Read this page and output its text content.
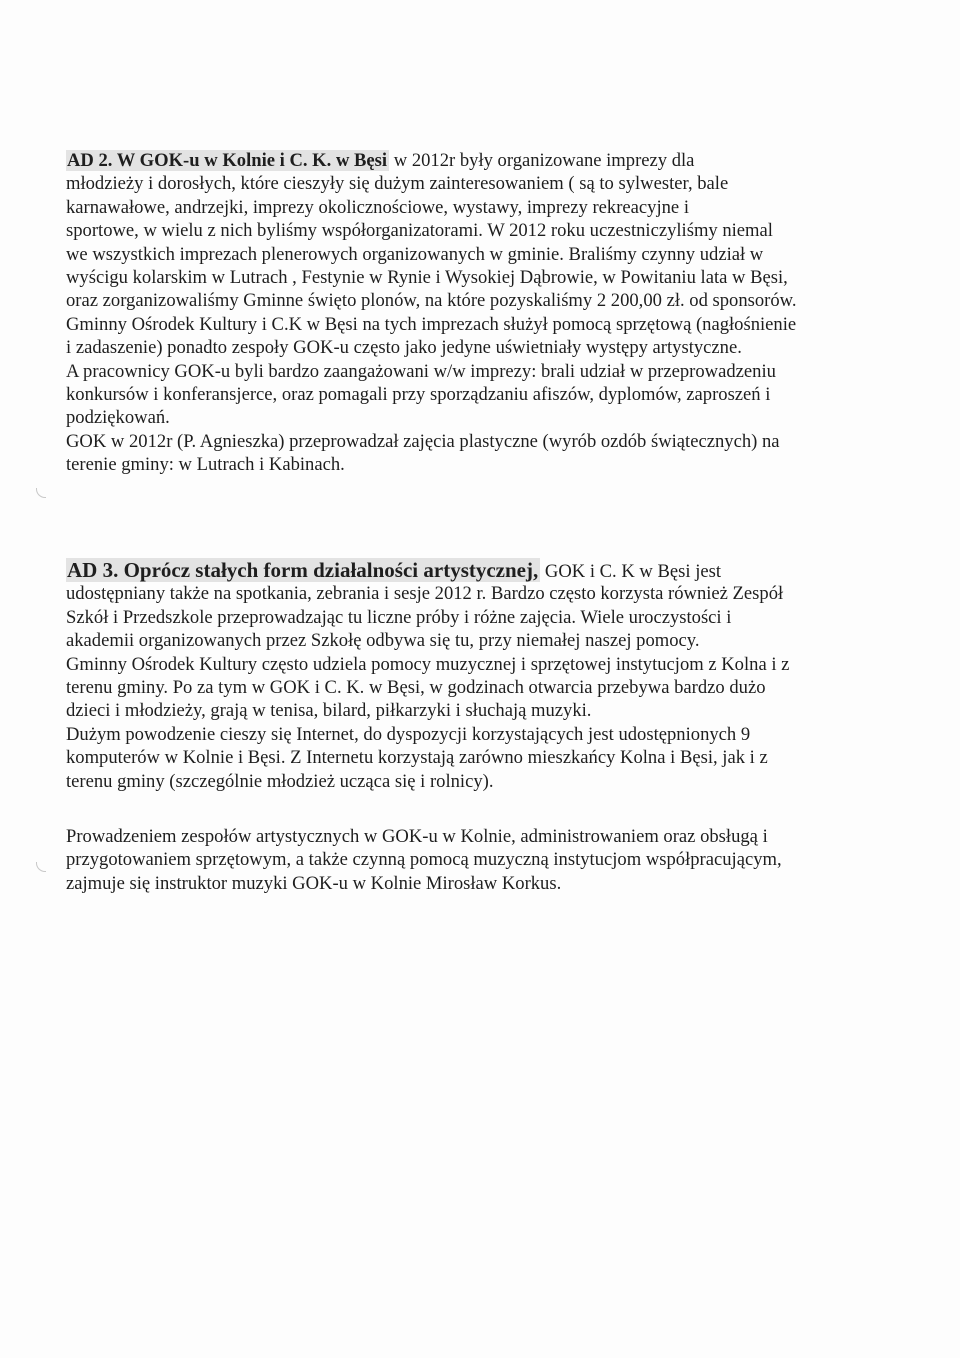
AD 2. W GOK-u w Kolnie i C. K. w Bęsi w 2012r były organizowane imprezy dla
młodzieży i dorosłych, które cieszyły się dużym zainteresowaniem ( są to sylwester, bale
karnawałowe, andrzejki, imprezy okolicznościowe, wystawy, imprezy rekreacyjne i
sportowe, w wielu z nich byliśmy współorganizatorami. W 2012 roku uczestniczyliśmy niemal
we wszystkich imprezach plenerowych organizowanych w gminie. Braliśmy czynny udział w
wyścigu kolarskim w Lutrach , Festynie w Rynie i Wysokiej Dąbrowie, w Powitaniu lata w Bęsi,
oraz zorganizowaliśmy Gminne święto plonów, na które pozyskaliśmy 2 200,00 zł. od sponsorów.
Gminny Ośrodek Kultury i C.K w Bęsi na tych imprezach służył pomocą sprzętową (nagłośnienie
i zadaszenie) ponadto zespoły GOK-u często jako jedyne uświetniały występy artystyczne.
A pracownicy GOK-u byli bardzo zaangażowani w/w imprezy: brali udział w przeprowadzeniu
konkursów i konferansjerce, oraz pomagali przy sporządzaniu afiszów, dyplomów, zaproszeń i
podziękowań.
GOK w 2012r (P. Agnieszka) przeprowadzał zajęcia plastyczne (wyrób ozdób świątecznych) na
terenie gminy: w Lutrach i Kabinach.
AD 3. Oprócz stałych form działalności artystycznej, GOK i C. K w Bęsi jest
udostępniany także na spotkania, zebrania i sesje 2012 r. Bardzo często korzysta również Zespół
Szkół i Przedszkole przeprowadzając tu liczne próby i różne zajęcia. Wiele uroczystości i
akademii organizowanych przez Szkołę odbywa się tu, przy niemałej naszej pomocy.
Gminny Ośrodek Kultury często udziela pomocy muzycznej i sprzętowej instytucjom z Kolna i z
terenu gminy. Po za tym w GOK i C. K. w Bęsi, w godzinach otwarcia przebywa bardzo dużo
dzieci i młodzieży, grają w tenisa, bilard, piłkarzyki i słuchają muzyki.
Dużym powodzenie cieszy się Internet, do dyspozycji korzystających jest udostępnionych 9
komputerów w Kolnie i Bęsi. Z Internetu korzystają zarówno mieszkańcy Kolna i Bęsi, jak i z
terenu gminy (szczególnie młodzież ucząca się i rolnicy).
Prowadzeniem zespołów artystycznych w GOK-u w Kolnie, administrowaniem oraz obsługą i
przygotowaniem sprzętowym, a także czynną pomocą muzyczną instytucjom współpracującym,
zajmuje się instruktor muzyki GOK-u w Kolnie Mirosław Korkus.
